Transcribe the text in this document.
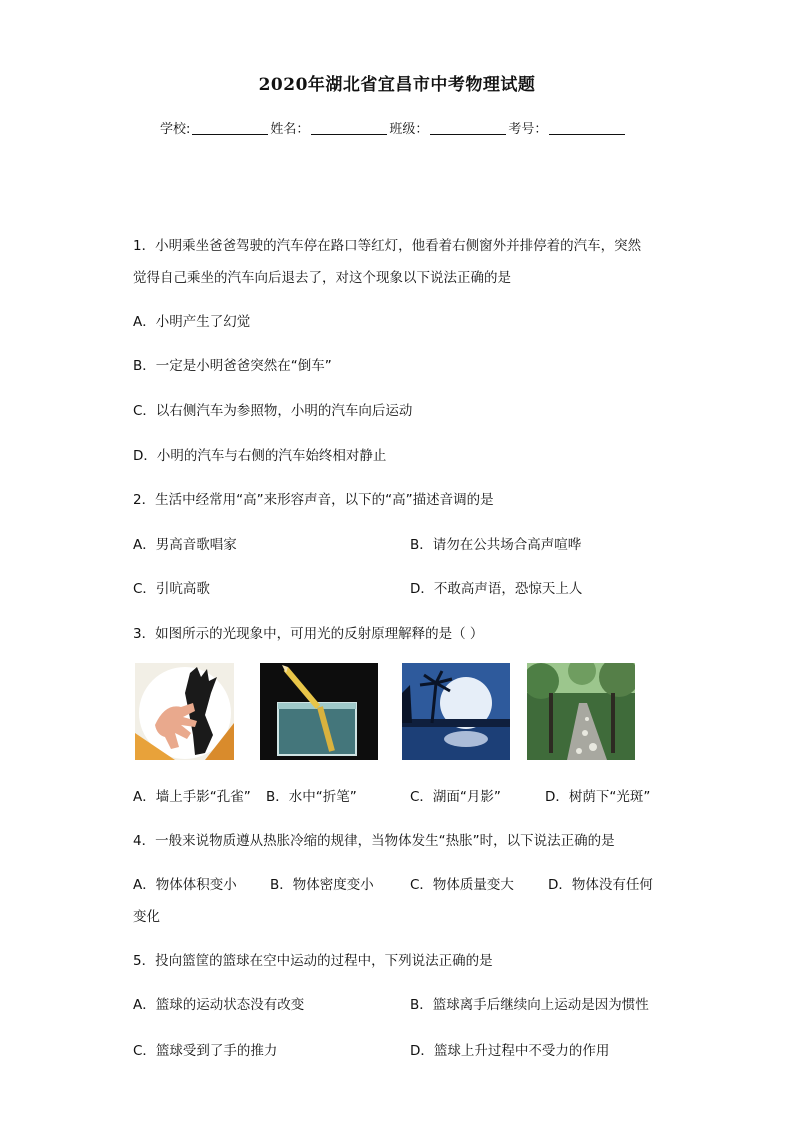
2020年湖北省宜昌市中考物理试题
学校:	姓名：	班级：	考号：
1．小明乘坐爸爸驾驶的汽车停在路口等红灯，他看着右侧窗外并排停着的汽车，突然
觉得自己乘坐的汽车向后退去了，对这个现象以下说法正确的是
A．小明产生了幻觉
B．一定是小明爸爸突然在“倒车”
C．以右侧汽车为参照物，小明的汽车向后运动
D．小明的汽车与右侧的汽车始终相对静止
2．生活中经常用“高”来形容声音，以下的“高”描述音调的是
A．男高音歌唱家	B．请勿在公共场合高声喧哗
C．引吭高歌	D．不敢高声语，恐惊天上人
3．如图所示的光现象中，可用光的反射原理解释的是（ ）
A．墙上手影“孔雀” B．水中“折笔”	C．湖面“月影”	D．树荫下“光斑”
4．一般来说物质遵从热胀冷缩的规律，当物体发生“热胀”时，以下说法正确的是
A．物体体积变小 B．物体密度变小	C．物体质量变大	D．物体没有任何
变化
5．投向篮筐的篮球在空中运动的过程中，下列说法正确的是
A．篮球的运动状态没有改变	B．篮球离手后继续向上运动是因为惯性
C．篮球受到了手的推力	D．篮球上升过程中不受力的作用
